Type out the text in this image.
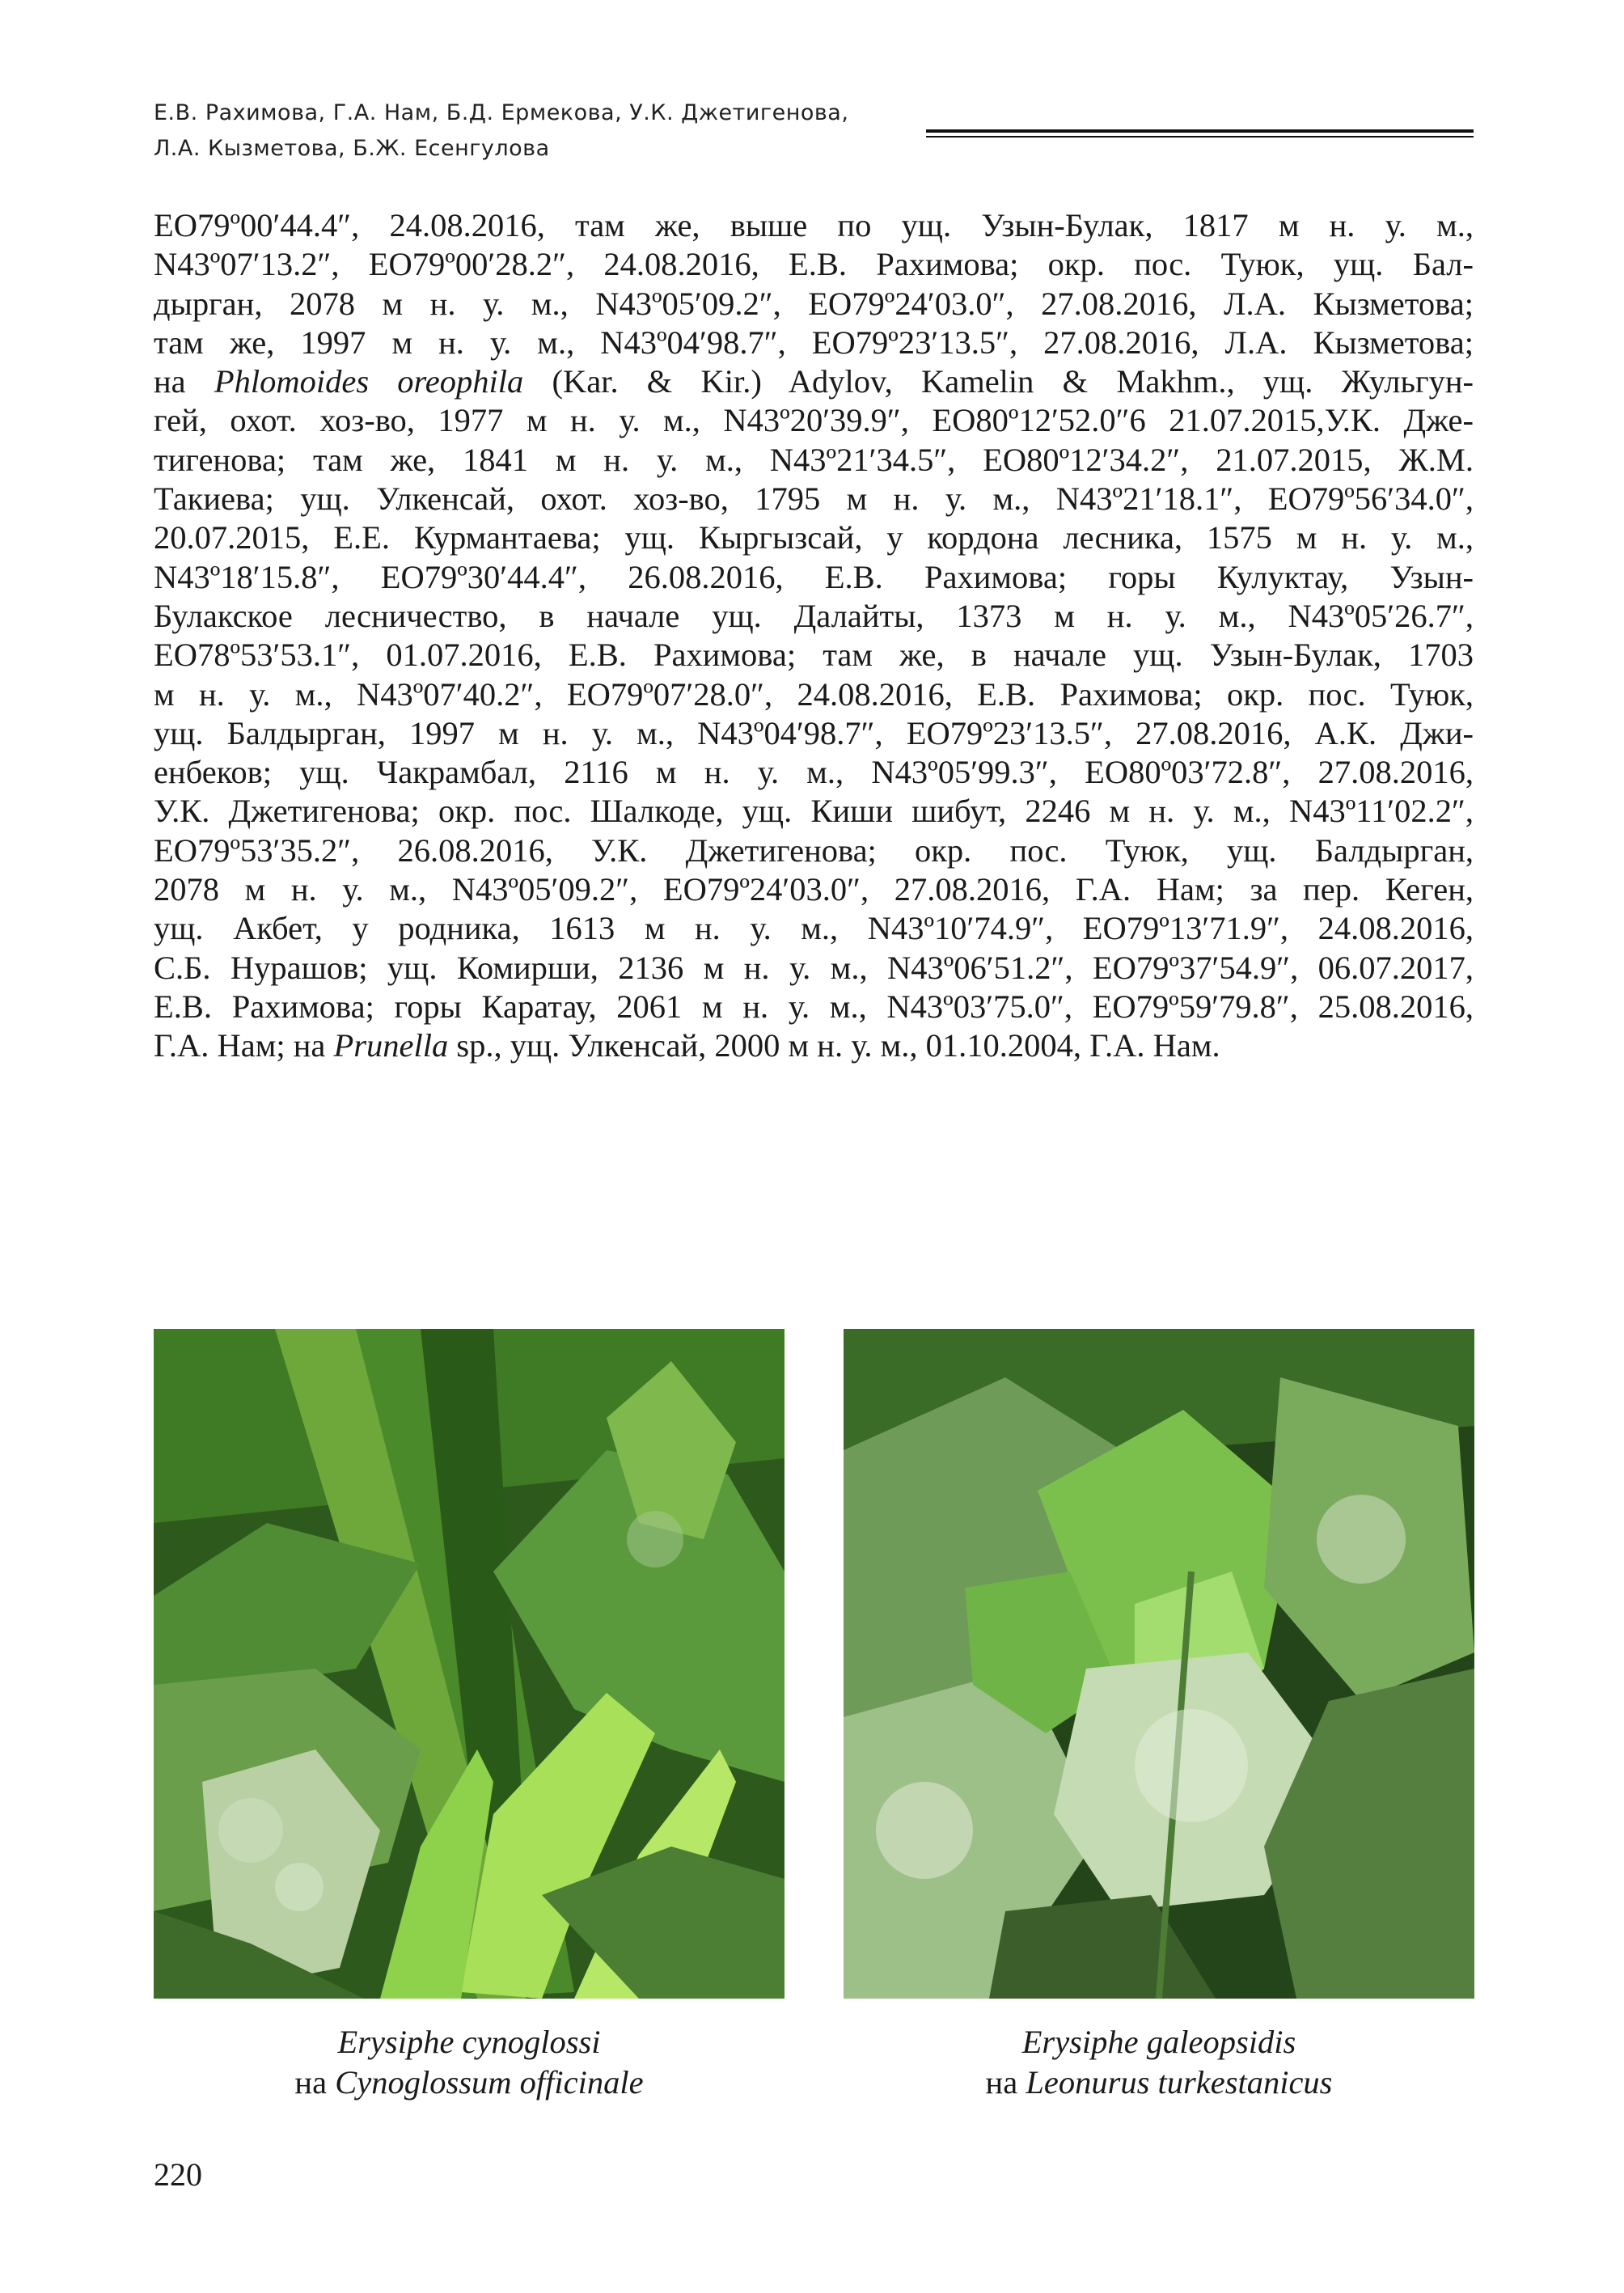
Е.В. Рахимова, Г.А. Нам, Б.Д. Ермекова, У.К. Джетигенова,
Л.А. Кызметова, Б.Ж. Есенгулова
ЕO79º00′44.4″, 24.08.2016, там же, выше по ущ. Узын-Булак, 1817 м н. у. м.,
N43º07′13.2″, ЕO79º00′28.2″, 24.08.2016, Е.В. Рахимова; окр. пос. Туюк, ущ. Бал-
дырган, 2078 м н. у. м., N43º05′09.2″, ЕO79º24′03.0″, 27.08.2016, Л.А. Кызметова;
там же, 1997 м н. у. м., N43º04′98.7″, ЕO79º23′13.5″, 27.08.2016, Л.А. Кызметова;
на Phlomoides oreophila (Kar. & Kir.) Adylov, Kamelin & Makhm., ущ. Жульгун-
гей, охот. хоз-во, 1977 м н. у. м., N43º20′39.9″, ЕO80º12′52.0″6 21.07.2015,У.К. Дже-
тигенова; там же, 1841 м н. у. м., N43º21′34.5″, ЕO80º12′34.2″, 21.07.2015, Ж.М.
Такиева; ущ. Улкенсай, охот. хоз-во, 1795 м н. у. м., N43º21′18.1″, ЕO79º56′34.0″,
20.07.2015, Е.Е. Курмантаева; ущ. Кыргызсай, у кордона лесника, 1575 м н. у. м.,
N43º18′15.8″, ЕO79º30′44.4″, 26.08.2016, Е.В. Рахимова; горы Кулуктау, Узын-
Булакское лесничество, в начале ущ. Далайты, 1373 м н. у. м., N43º05′26.7″,
ЕO78º53′53.1″, 01.07.2016, Е.В. Рахимова; там же, в начале ущ. Узын-Булак, 1703
м н. у. м., N43º07′40.2″, ЕO79º07′28.0″, 24.08.2016, Е.В. Рахимова; окр. пос. Туюк,
ущ. Балдырган, 1997 м н. у. м., N43º04′98.7″, ЕO79º23′13.5″, 27.08.2016, А.К. Джи-
енбеков; ущ. Чакрамбал, 2116 м н. у. м., N43º05′99.3″, ЕO80º03′72.8″, 27.08.2016,
У.К. Джетигенова; окр. пос. Шалкоде, ущ. Киши шибут, 2246 м н. у. м., N43º11′02.2″,
ЕO79º53′35.2″, 26.08.2016, У.К. Джетигенова; окр. пос. Туюк, ущ. Балдырган,
2078 м н. у. м., N43º05′09.2″, ЕO79º24′03.0″, 27.08.2016, Г.А. Нам; за пер. Кеген,
ущ. Акбет, у родника, 1613 м н. у. м., N43º10′74.9″, ЕO79º13′71.9″, 24.08.2016,
С.Б. Нурашов; ущ. Комирши, 2136 м н. у. м., N43º06′51.2″, ЕO79º37′54.9″, 06.07.2017,
Е.В. Рахимова; горы Каратау, 2061 м н. у. м., N43º03′75.0″, ЕO79º59′79.8″, 25.08.2016,
Г.А. Нам; на Prunella sp., ущ. Улкенсай, 2000 м н. у. м., 01.10.2004, Г.А. Нам.
Erysiphe cynoglossi
на Cynoglossum officinale
Erysiphe galeopsidis
на Leonurus turkestanicus
220
